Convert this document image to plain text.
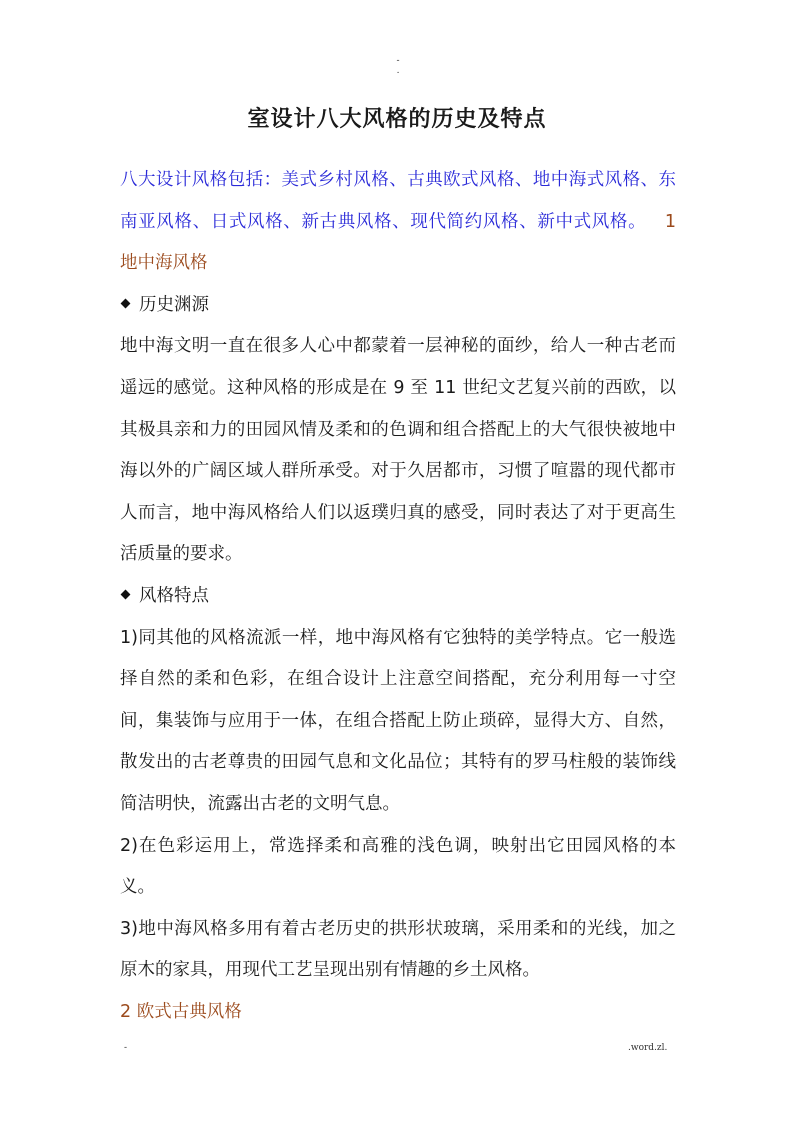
-
.
室设计八大风格的历史及特点

八大设计风格包括：美式乡村风格、古典欧式风格、地中海式风格、东南亚风格、日式风格、新古典风格、现代简约风格、新中式风格。 1 地中海风格

历史渊源

地中海文明一直在很多人心中都蒙着一层神秘的面纱，给人一种古老而遥远的感觉。这种风格的形成是在 9 至 11 世纪文艺复兴前的西欧，以其极具亲和力的田园风情及柔和的色调和组合搭配上的大气很快被地中海以外的广阔区域人群所承受。对于久居都市，习惯了喧嚣的现代都市人而言，地中海风格给人们以返璞归真的感受，同时表达了对于更高生活质量的要求。

风格特点

1)同其他的风格流派一样，地中海风格有它独特的美学特点。它一般选择自然的柔和色彩，在组合设计上注意空间搭配，充分利用每一寸空间，集装饰与应用于一体，在组合搭配上防止琐碎，显得大方、自然，散发出的古老尊贵的田园气息和文化品位；其特有的罗马柱般的装饰线简洁明快，流露出古老的文明气息。

2)在色彩运用上，常选择柔和高雅的浅色调，映射出它田园风格的本义。

3)地中海风格多用有着古老历史的拱形状玻璃，采用柔和的光线，加之原木的家具，用现代工艺呈现出别有情趣的乡土风格。

2 欧式古典风格

-	.word.zl.
